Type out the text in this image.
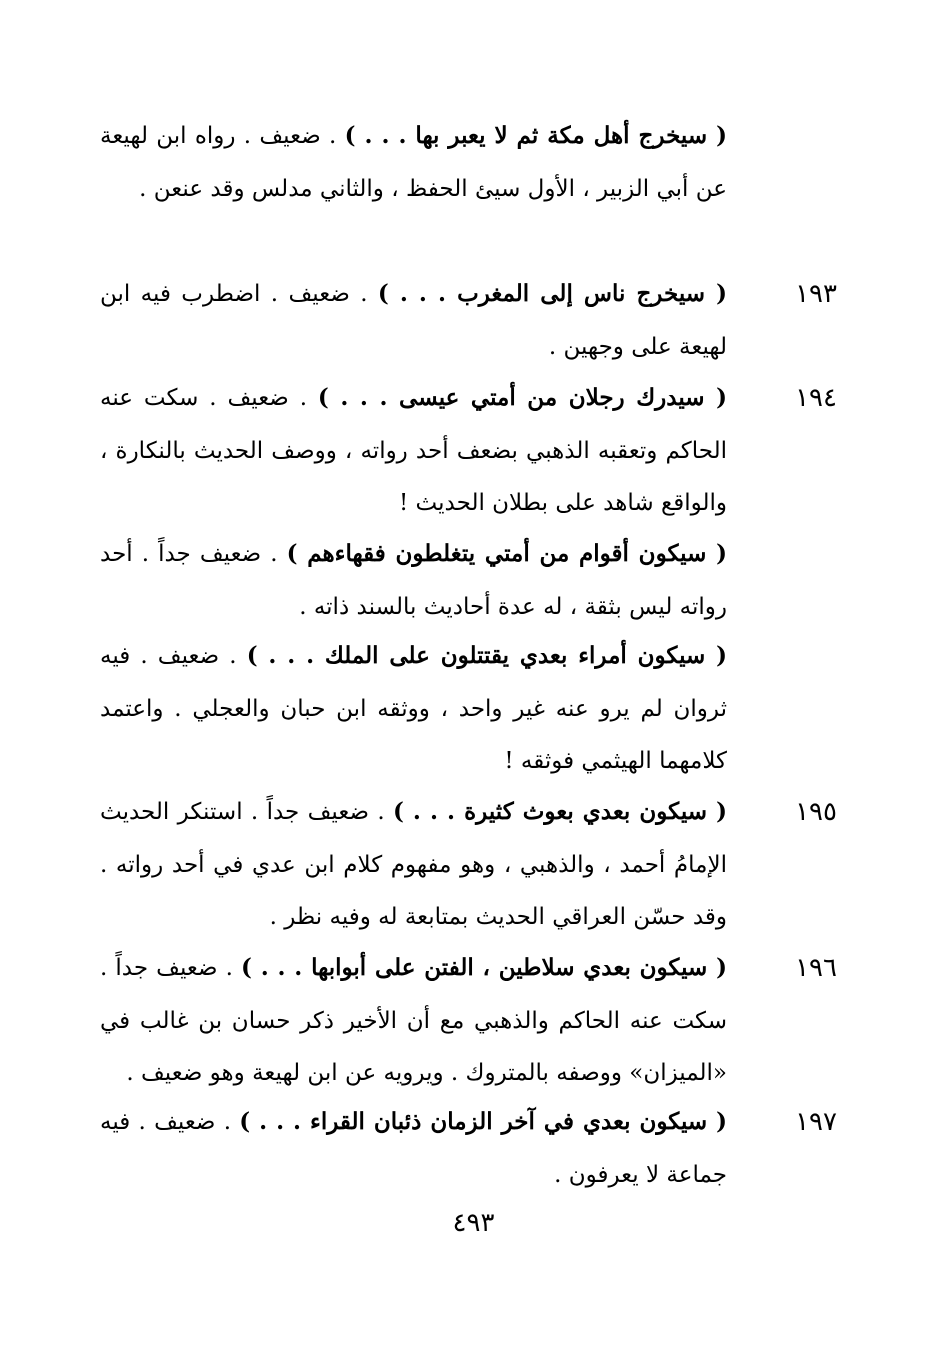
( سيخرج أهل مكة ثم لا يعبر بها . . . ) . ضعيف . رواه ابن لهيعة عن أبي الزبير ، الأول سيئ الحفظ ، والثاني مدلس وقد عنعن .
١٩٣
( سيخرج ناس إلى المغرب . . . ) . ضعيف . اضطرب فيه ابن لهيعة على وجهين .
١٩٤
( سيدرك رجلان من أمتي عيسى . . . ) . ضعيف . سكت عنه الحاكم وتعقبه الذهبي بضعف أحد رواته ، ووصف الحديث بالنكارة ، والواقع شاهد على بطلان الحديث !
( سيكون أقوام من أمتي يتغلطون فقهاءهم ) . ضعيف جداً . أحد رواته ليس بثقة ، له عدة أحاديث بالسند ذاته .
( سيكون أمراء بعدي يقتتلون على الملك . . . ) . ضعيف . فيه ثروان لم يرو عنه غير واحد ، ووثقه ابن حبان والعجلي . واعتمد كلامهما الهيثمي فوثقه !
١٩٥
( سيكون بعدي بعوث كثيرة . . . ) . ضعيف جداً . استنكر الحديث الإمامُ أحمد ، والذهبي ، وهو مفهوم كلام ابن عدي في أحد رواته . وقد حسّن العراقي الحديث بمتابعة له وفيه نظر .
١٩٦
( سيكون بعدي سلاطين ، الفتن على أبوابها . . . ) . ضعيف جداً . سكت عنه الحاكم والذهبي مع أن الأخير ذكر حسان بن غالب في «الميزان» ووصفه بالمتروك . ويرويه عن ابن لهيعة وهو ضعيف .
١٩٧
( سيكون بعدي في آخر الزمان ذئبان القراء . . . ) . ضعيف . فيه جماعة لا يعرفون .
٤٩٣
